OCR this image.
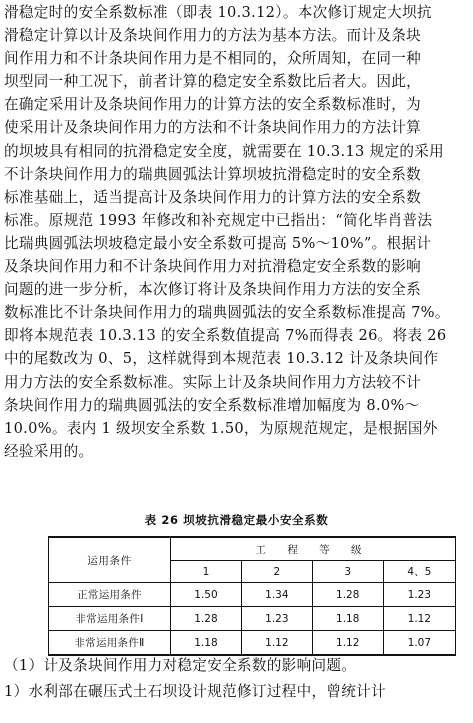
滑稳定时的安全系数标准（即表 10.3.12）。本次修订规定大坝抗
滑稳定计算以计及条块间作用力的方法为基本方法。而计及条块
间作用力和不计条块间作用力是不相同的，众所周知，在同一种
坝型同一种工况下，前者计算的稳定安全系数比后者大。因此，
在确定采用计及条块间作用力的计算方法的安全系数标准时，为
使采用计及条块间作用力的方法和不计条块间作用力的方法计算
的坝坡具有相同的抗滑稳定安全度，就需要在 10.3.13 规定的采用
不计条块间作用力的瑞典圆弧法计算坝坡抗滑稳定时的安全系数
标准基础上，适当提高计及条块间作用力的计算方法的安全系数
标准。原规范 1993 年修改和补充规定中已指出：“简化毕肖普法
比瑞典圆弧法坝坡稳定最小安全系数可提高 5%～10%”。根据计
及条块间作用力和不计条块间作用力对抗滑稳定安全系数的影响
问题的进一步分析，本次修订将计及条块间作用力方法的安全系
数标准比不计条块间作用力的瑞典圆弧法的安全系数标准提高 7%。
即将本规范表 10.3.13 的安全系数值提高 7%而得表 26。将表 26
中的尾数改为 0、5，这样就得到本规范表 10.3.12 计及条块间作
用力方法的安全系数标准。实际上计及条块间作用力方法较不计
条块间作用力的瑞典圆弧法的安全系数标准增加幅度为 8.0%～
10.0%。表内 1 级坝安全系数 1.50，为原规范规定，是根据国外
经验采用的。
表 26 坝坡抗滑稳定最小安全系数
运用条件	工 程 等 级			
	1	2	3	4、5
正常运用条件	1.50	1.34	1.28	1.23
非常运用条件Ⅰ	1.28	1.23	1.18	1.12
非常运用条件Ⅱ	1.18	1.12	1.12	1.07
（1）计及条块间作用力对稳定安全系数的影响问题。
1）水利部在碾压式土石坝设计规范修订过程中，曾统计计
